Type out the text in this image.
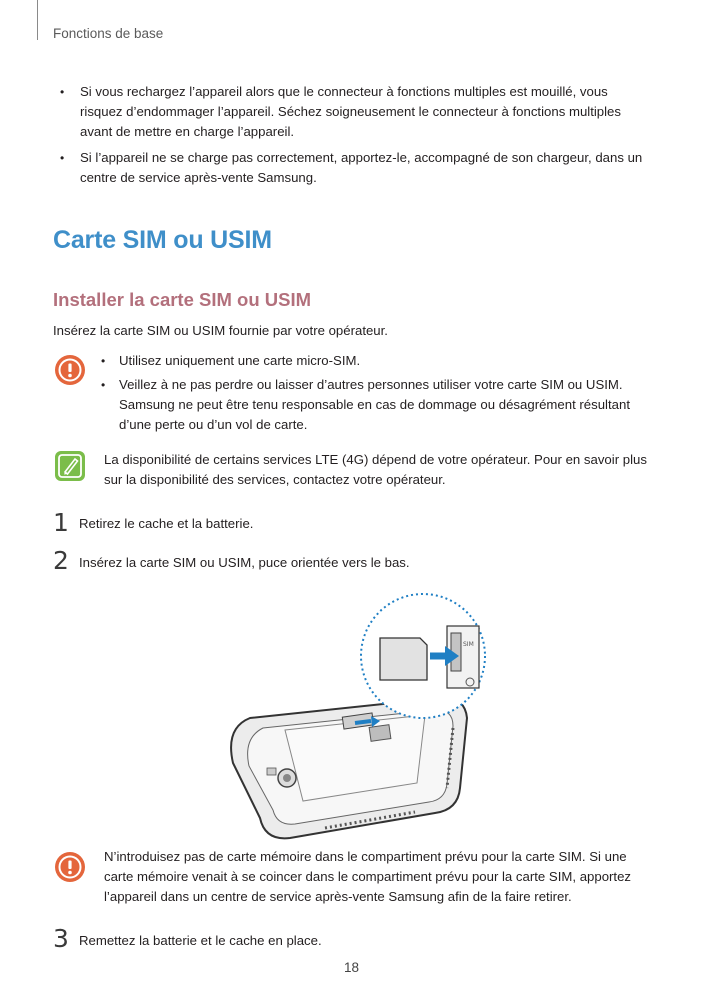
Fonctions de base
• Si vous rechargez l’appareil alors que le connecteur à fonctions multiples est mouillé, vous risquez d’endommager l’appareil. Séchez soigneusement le connecteur à fonctions multiples avant de mettre en charge l’appareil.
• Si l’appareil ne se charge pas correctement, apportez-le, accompagné de son chargeur, dans un centre de service après-vente Samsung.
Carte SIM ou USIM
Installer la carte SIM ou USIM
Insérez la carte SIM ou USIM fournie par votre opérateur.
• Utilisez uniquement une carte micro-SIM.
• Veillez à ne pas perdre ou laisser d’autres personnes utiliser votre carte SIM ou USIM. Samsung ne peut être tenu responsable en cas de dommage ou désagrément résultant d’une perte ou d’un vol de carte.
La disponibilité de certains services LTE (4G) dépend de votre opérateur. Pour en savoir plus sur la disponibilité des services, contactez votre opérateur.
1 Retirez le cache et la batterie.
2 Insérez la carte SIM ou USIM, puce orientée vers le bas.
SIM
N’introduisez pas de carte mémoire dans le compartiment prévu pour la carte SIM. Si une carte mémoire venait à se coincer dans le compartiment prévu pour la carte SIM, apportez l’appareil dans un centre de service après-vente Samsung afin de la faire retirer.
3 Remettez la batterie et le cache en place.
18
